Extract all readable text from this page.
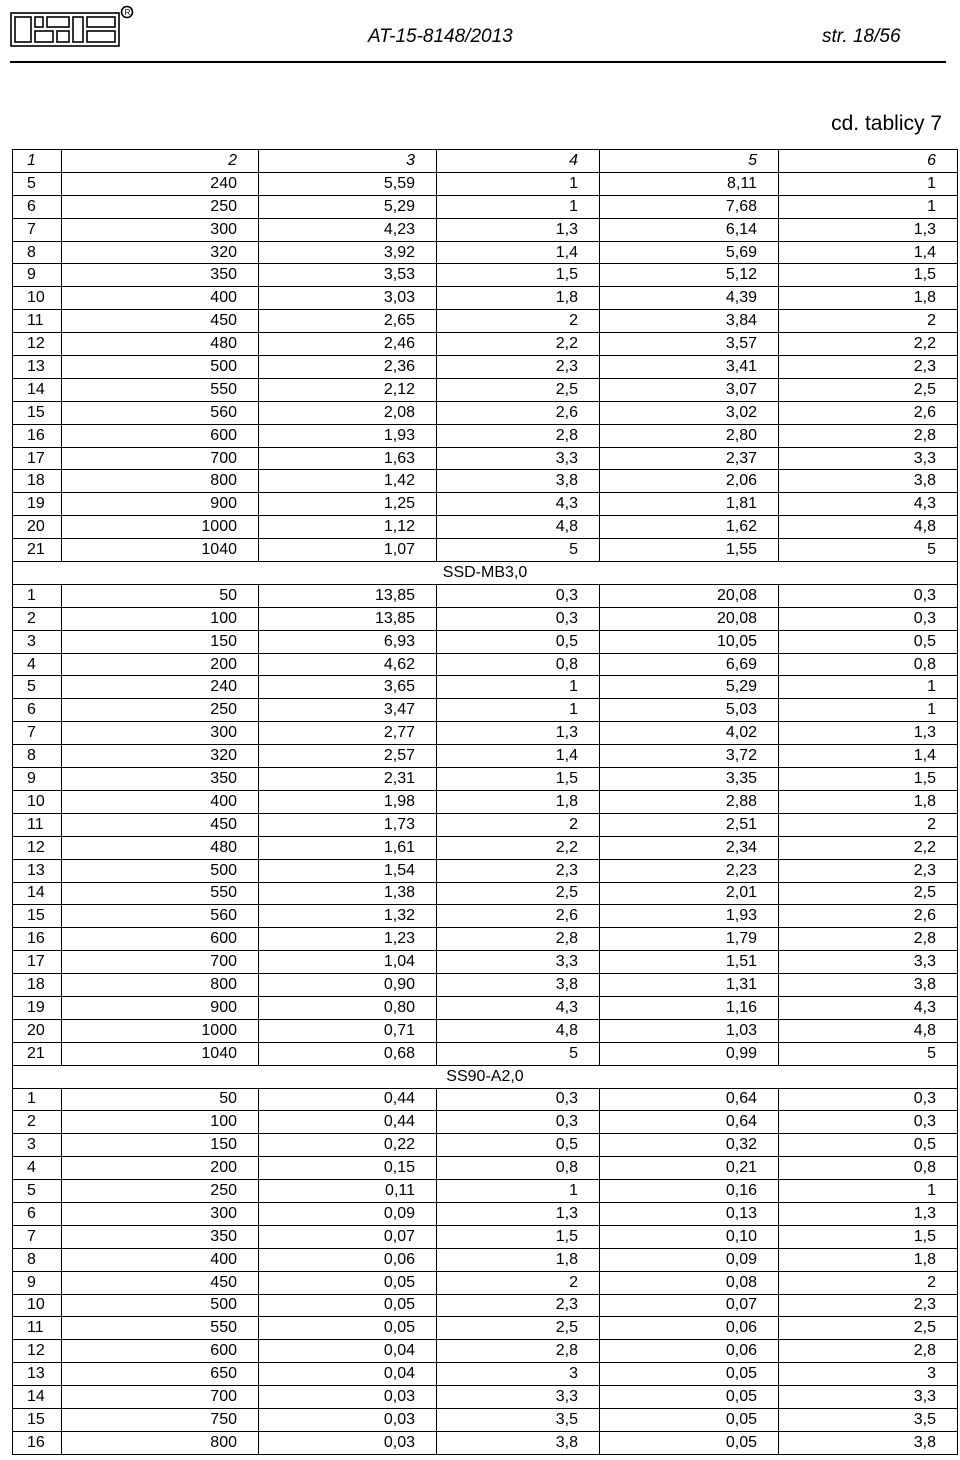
R
AT-15-8148/2013	str. 18/56
cd. tablicy 7
1	2	3	4	5	6
5	240	5,59	1	8,11	1
6	250	5,29	1	7,68	1
7	300	4,23	1,3	6,14	1,3
8	320	3,92	1,4	5,69	1,4
9	350	3,53	1,5	5,12	1,5
10	400	3,03	1,8	4,39	1,8
11	450	2,65	2	3,84	2
12	480	2,46	2,2	3,57	2,2
13	500	2,36	2,3	3,41	2,3
14	550	2,12	2,5	3,07	2,5
15	560	2,08	2,6	3,02	2,6
16	600	1,93	2,8	2,80	2,8
17	700	1,63	3,3	2,37	3,3
18	800	1,42	3,8	2,06	3,8
19	900	1,25	4,3	1,81	4,3
20	1000	1,12	4,8	1,62	4,8
21	1040	1,07	5	1,55	5
SSD-MB3,0					
1	50	13,85	0,3	20,08	0,3
2	100	13,85	0,3	20,08	0,3
3	150	6,93	0,5	10,05	0,5
4	200	4,62	0,8	6,69	0,8
5	240	3,65	1	5,29	1
6	250	3,47	1	5,03	1
7	300	2,77	1,3	4,02	1,3
8	320	2,57	1,4	3,72	1,4
9	350	2,31	1,5	3,35	1,5
10	400	1,98	1,8	2,88	1,8
11	450	1,73	2	2,51	2
12	480	1,61	2,2	2,34	2,2
13	500	1,54	2,3	2,23	2,3
14	550	1,38	2,5	2,01	2,5
15	560	1,32	2,6	1,93	2,6
16	600	1,23	2,8	1,79	2,8
17	700	1,04	3,3	1,51	3,3
18	800	0,90	3,8	1,31	3,8
19	900	0,80	4,3	1,16	4,3
20	1000	0,71	4,8	1,03	4,8
21	1040	0,68	5	0,99	5
SS90-A2,0					
1	50	0,44	0,3	0,64	0,3
2	100	0,44	0,3	0,64	0,3
3	150	0,22	0,5	0,32	0,5
4	200	0,15	0,8	0,21	0,8
5	250	0,11	1	0,16	1
6	300	0,09	1,3	0,13	1,3
7	350	0,07	1,5	0,10	1,5
8	400	0,06	1,8	0,09	1,8
9	450	0,05	2	0,08	2
10	500	0,05	2,3	0,07	2,3
11	550	0,05	2,5	0,06	2,5
12	600	0,04	2,8	0,06	2,8
13	650	0,04	3	0,05	3
14	700	0,03	3,3	0,05	3,3
15	750	0,03	3,5	0,05	3,5
16	800	0,03	3,8	0,05	3,8
